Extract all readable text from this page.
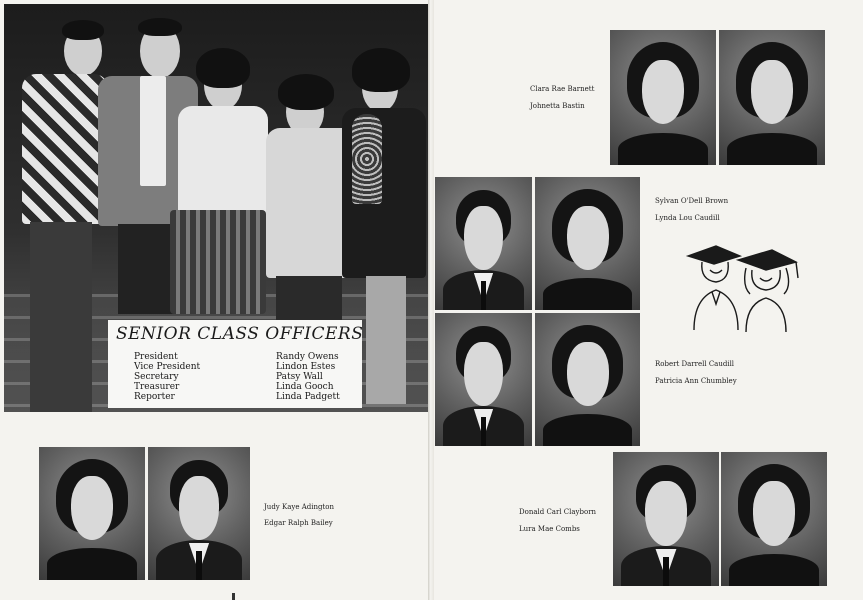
SENIOR CLASS OFFICERS
President	Randy Owens
Vice President	Lindon Estes
Secretary	Patsy Wall
Treasurer	Linda Gooch
Reporter	Linda Padgett
Judy Kaye Adington
Edgar Ralph Bailey
Clara Rae Barnett
Johnetta Bastin
Sylvan O'Dell Brown
Lynda Lou Caudill
Robert Darrell Caudill
Patricia Ann Chumbley
Donald Carl Clayborn
Lura Mae Combs
